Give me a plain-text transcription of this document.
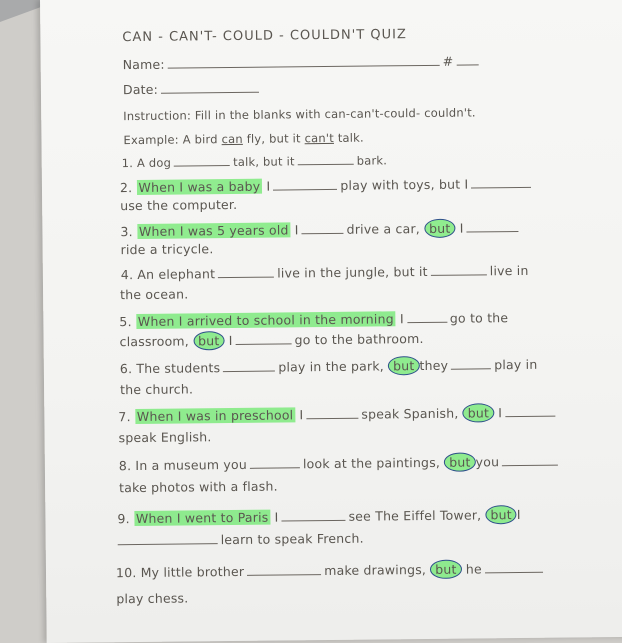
CAN - CAN'T- COULD - COULDN'T QUIZ
Name:	#
Date:
Instruction: Fill in the blanks with can-can't-could- couldn't.
Example: A bird can fly, but it can't talk.
1. A dog	talk, but it	bark.
2. When I was a baby I	play with toys, but I
use the computer.
3. When I was 5 years old I	drive a car, but I
ride a tricycle.
4. An elephant	live in the jungle, but it	live in
the ocean.
5. When I arrived to school in the morning I	go to the
classroom, but I	go to the bathroom.
6. The students	play in the park, but they	play in
the church.
7. When I was in preschool I	speak Spanish, but I
speak English.
8. In a museum you	look at the paintings, but you
take photos with a flash.
9. When I went to Paris I	see The Eiffel Tower, but I
learn to speak French.
10. My little brother	make drawings, but he
play chess.
